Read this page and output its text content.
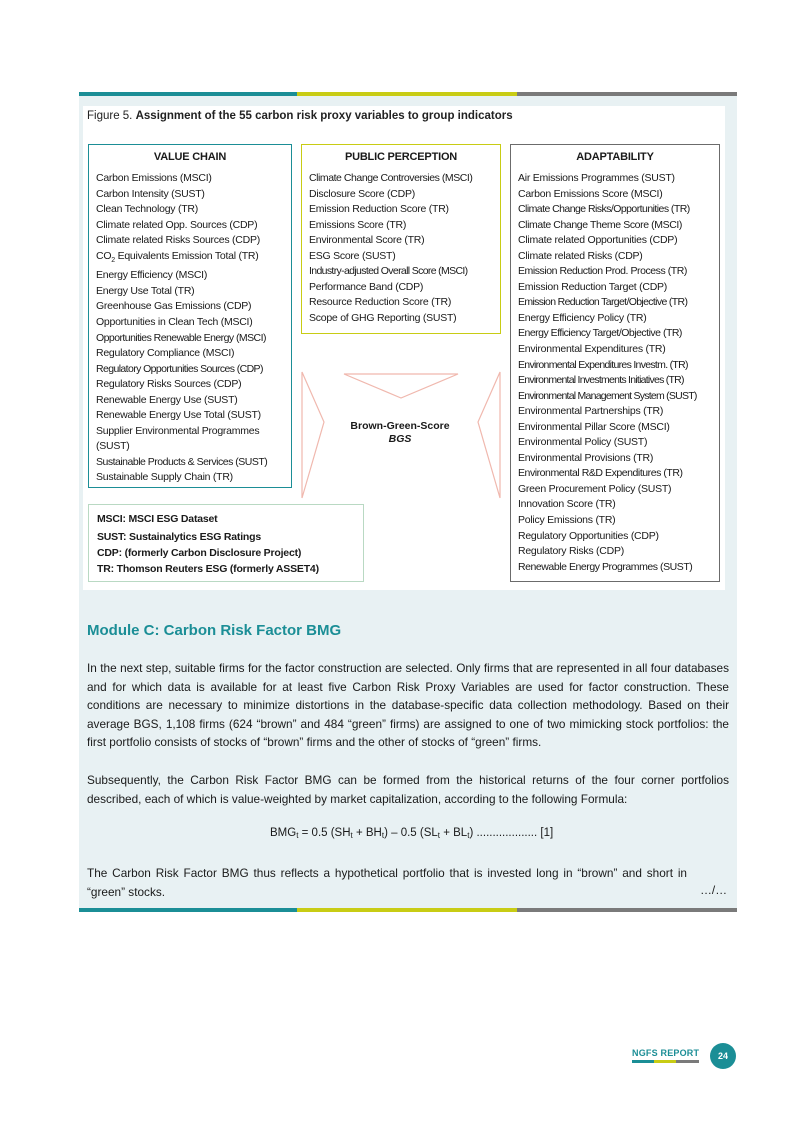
Figure 5. Assignment of the 55 carbon risk proxy variables to group indicators
VALUE CHAIN
Carbon Emissions (MSCI)
Carbon Intensity (SUST)
Clean Technology (TR)
Climate related Opp. Sources (CDP)
Climate related Risks Sources (CDP)
$CO_2$ Equivalents Emission Total (TR)
Energy Efficiency (MSCI)
Energy Use Total (TR)
Greenhouse Gas Emissions (CDP)
Opportunities in Clean Tech (MSCI)
Opportunities Renewable Energy (MSCI)
Regulatory Compliance (MSCI)
Regulatory Opportunities Sources (CDP)
Regulatory Risks Sources (CDP)
Renewable Energy Use (SUST)
Renewable Energy Use Total (SUST)
Supplier Environmental Programmes (SUST)
Sustainable Products & Services (SUST)
Sustainable Supply Chain (TR)
PUBLIC PERCEPTION
Climate Change Controversies (MSCI)
Disclosure Score (CDP)
Emission Reduction Score (TR)
Emissions Score (TR)
Environmental Score (TR)
ESG Score (SUST)
Industry-adjusted Overall Score (MSCI)
Performance Band (CDP)
Resource Reduction Score (TR)
Scope of GHG Reporting (SUST)
ADAPTABILITY
Air Emissions Programmes (SUST)
Carbon Emissions Score (MSCI)
Climate Change Risks/Opportunities (TR)
Climate Change Theme Score (MSCI)
Climate related Opportunities (CDP)
Climate related Risks (CDP)
Emission Reduction Prod. Process (TR)
Emission Reduction Target (CDP)
Emission Reduction Target/Objective (TR)
Energy Efficiency Policy (TR)
Energy Efficiency Target/Objective (TR)
Environmental Expenditures (TR)
Environmental Expenditures Investm. (TR)
Environmental Investments Initiatives (TR)
Environmental Management System (SUST)
Environmental Partnerships (TR)
Environmental Pillar Score (MSCI)
Environmental Policy (SUST)
Environmental Provisions (TR)
Environmental R&D Expenditures (TR)
Green Procurement Policy (SUST)
Innovation Score (TR)
Policy Emissions (TR)
Regulatory Opportunities (CDP)
Regulatory Risks (CDP)
Renewable Energy Programmes (SUST)
Brown-Green-Score
BGS
MSCI: MSCI ESG Dataset
SUST: Sustainalytics ESG Ratings
CDP: (formerly Carbon Disclosure Project)
TR: Thomson Reuters ESG (formerly ASSET4)
Module C: Carbon Risk Factor BMG

In the next step, suitable firms for the factor construction are selected. Only firms that are represented in all four databases and for which data is available for at least five Carbon Risk Proxy Variables are used for factor construction. These conditions are necessary to minimize distortions in the database-specific data collection methodology. Based on their average BGS, 1,108 firms (624 “brown” and 484 “green” firms) are assigned to one of two mimicking stock portfolios: the first portfolio consists of stocks of “brown” firms and the other of stocks of “green” firms.

Subsequently, the Carbon Risk Factor BMG can be formed from the historical returns of the four corner portfolios described, each of which is value-weighted by market capitalization, according to the following Formula:

$BMG_t = 0.5$ $(SH_t + BH_t) - 0.5$ $(SL_t + BL_t)$ ................... [1]

The Carbon Risk Factor BMG thus reflects a hypothetical portfolio that is invested long in “brown” and short in “green” stocks.	…/…
NGFS REPORT	24
